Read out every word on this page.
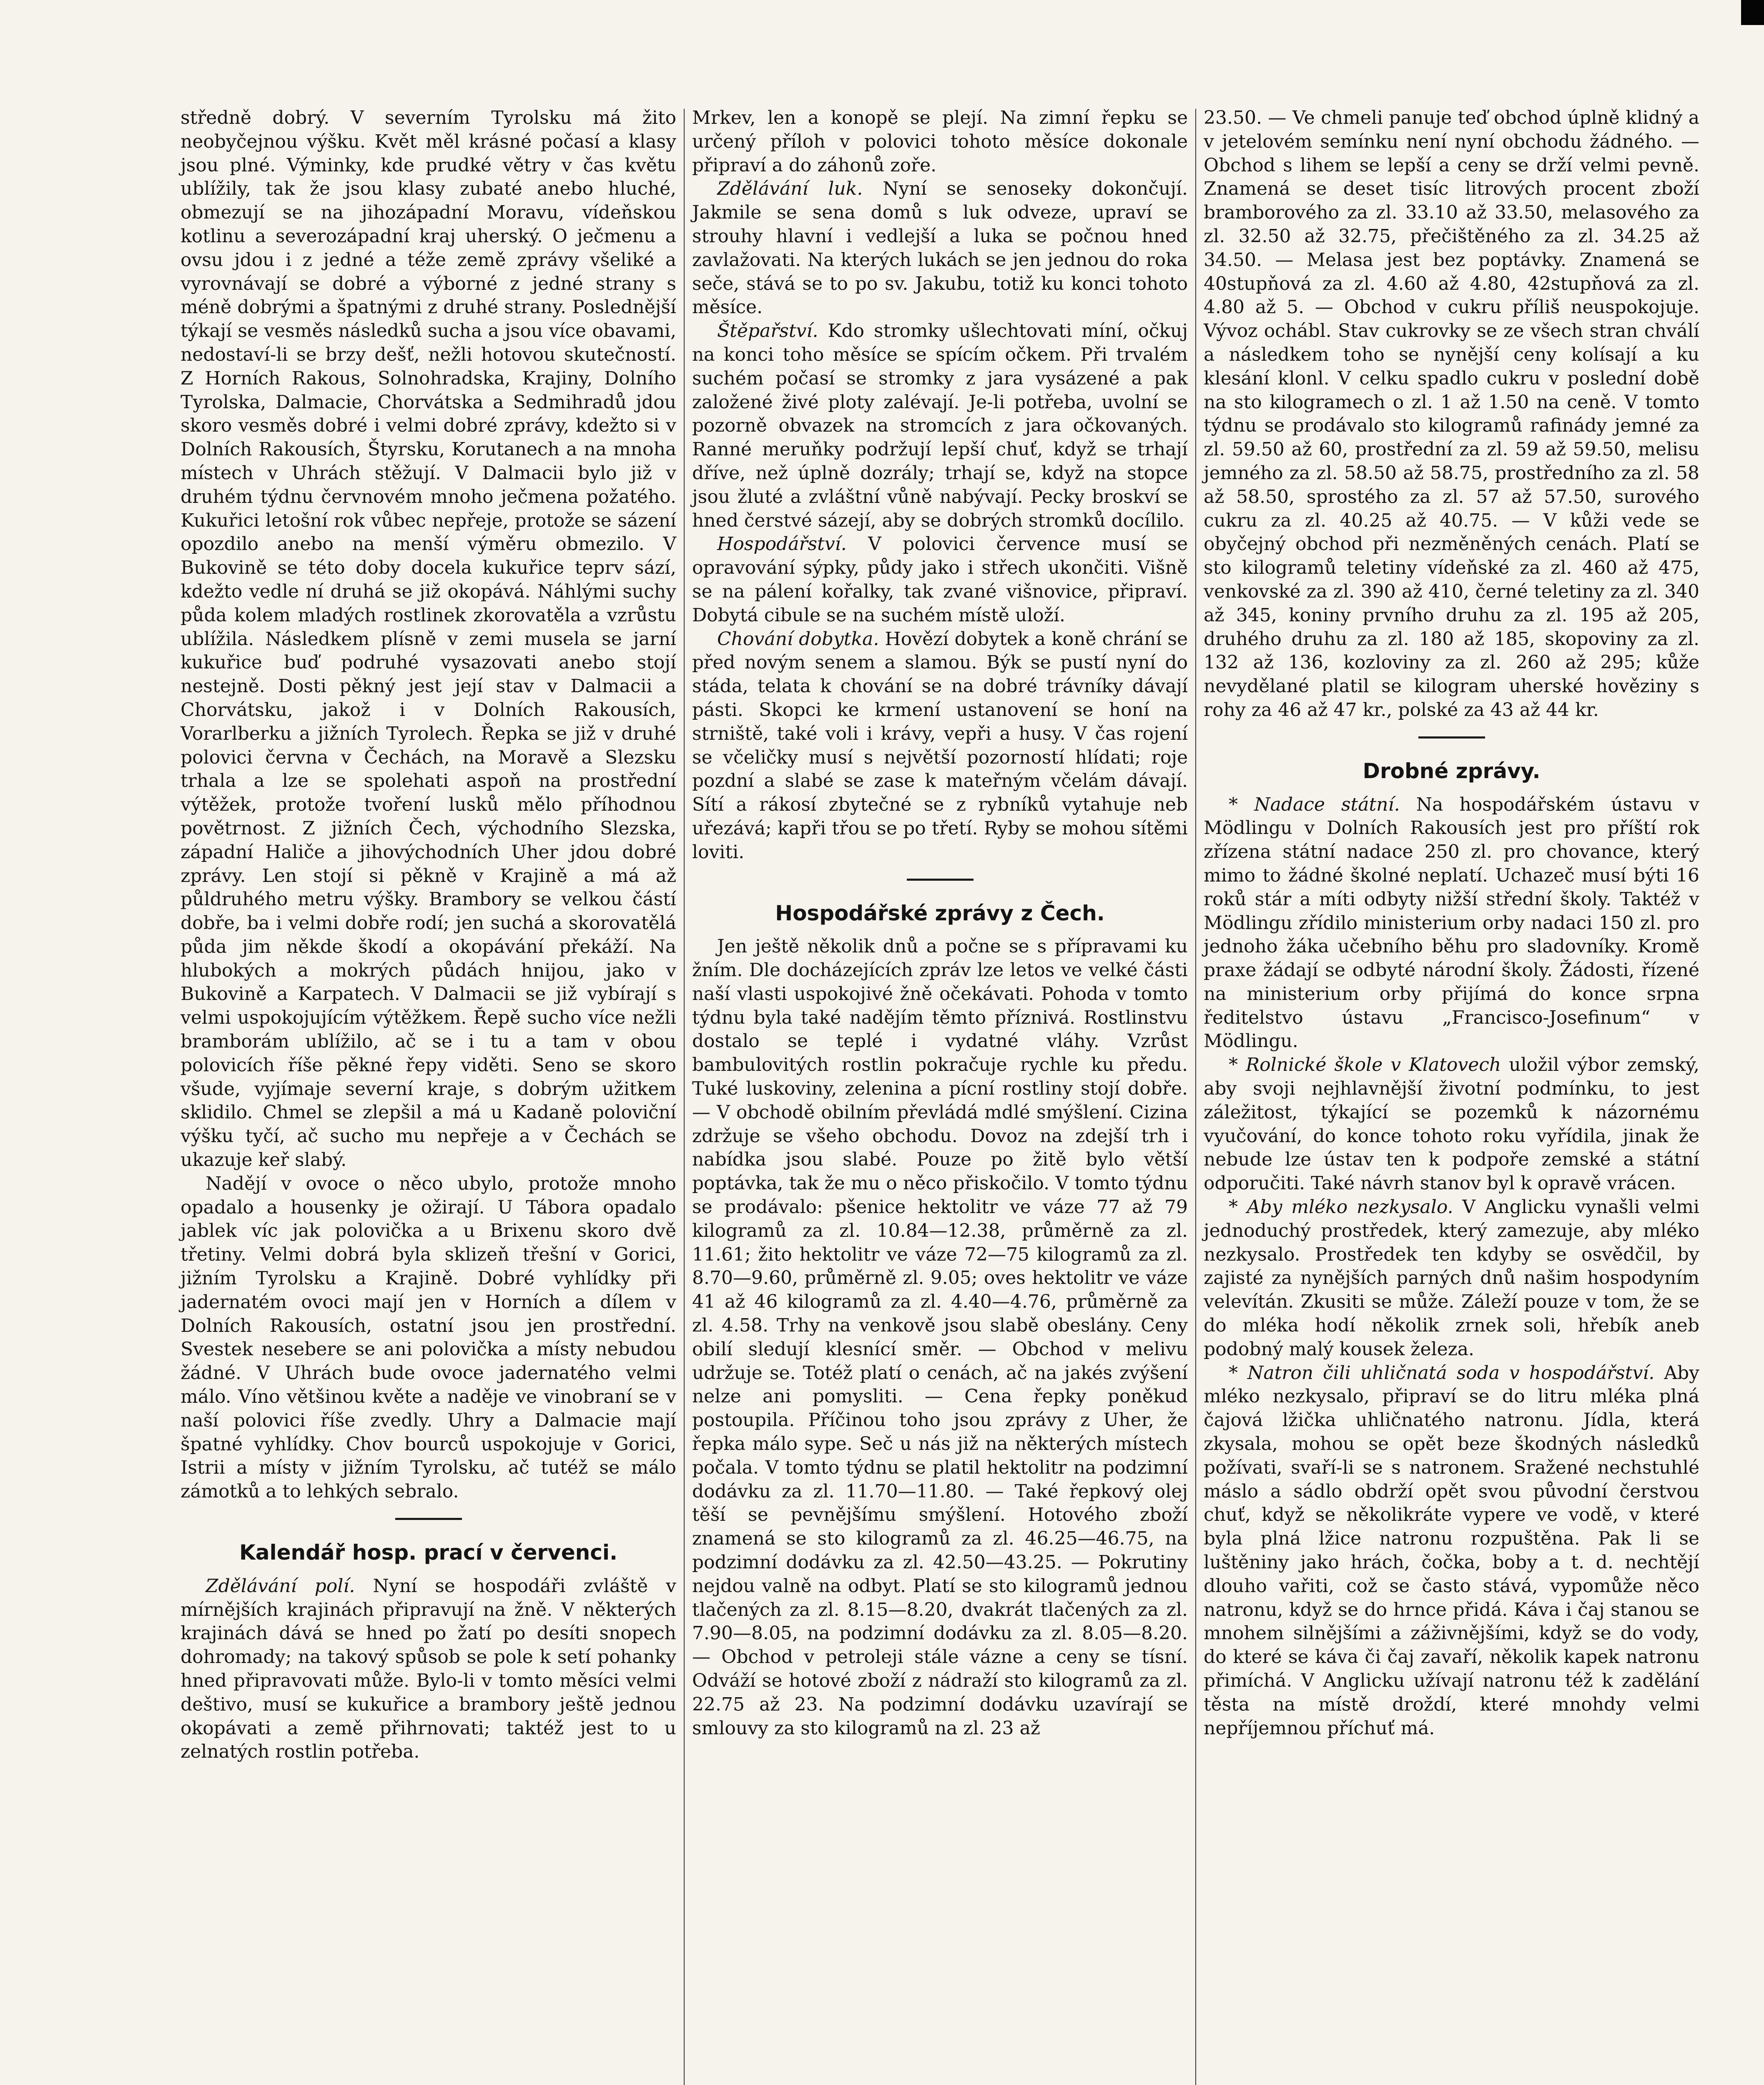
středně dobrý. V severním Tyrolsku má žito neobyčejnou výšku. Květ měl krásné počasí a klasy jsou plné. Výminky, kde prudké větry v čas květu ublížily, tak že jsou klasy zubaté anebo hluché, obmezují se na jihozápadní Moravu, vídeňskou kotlinu a severozápadní kraj uherský. O ječmenu a ovsu jdou i z jedné a téže země zprávy všeliké a vyrovnávají se dobré a výborné z jedné strany s méně dobrými a špatnými z druhé strany. Poslednější týkají se vesměs následků sucha a jsou více obavami, nedostaví-li se brzy dešť, nežli hotovou skutečností. Z Horních Rakous, Solnohradska, Krajiny, Dolního Tyrolska, Dalmacie, Chorvátska a Sedmihradů jdou skoro vesměs dobré i velmi dobré zprávy, kdežto si v Dolních Rakousích, Štyrsku, Korutanech a na mnoha místech v Uhrách stěžují. V Dalmacii bylo již v druhém týdnu červnovém mnoho ječmena požatého. Kukuřici letošní rok vůbec nepřeje, protože se sázení opozdilo anebo na menší výměru obmezilo. V Bukovině se této doby docela kukuřice teprv sází, kdežto vedle ní druhá se již okopává. Náhlými suchy půda kolem mladých rostlinek zkorovatěla a vzrůstu ublížila. Následkem plísně v zemi musela se jarní kukuřice buď podruhé vysazovati anebo stojí nestejně. Dosti pěkný jest její stav v Dalmacii a Chorvátsku, jakož i v Dolních Rakousích, Vorarlberku a jižních Tyrolech. Řepka se již v druhé polovici června v Čechách, na Moravě a Slezsku trhala a lze se spolehati aspoň na prostřední výtěžek, protože tvoření lusků mělo příhodnou povětrnost. Z jižních Čech, východního Slezska, západní Haliče a jihovýchodních Uher jdou dobré zprávy. Len stojí si pěkně v Krajině a má až půldruhého metru výšky. Brambory se velkou částí dobře, ba i velmi dobře rodí; jen suchá a skorovatělá půda jim někde škodí a okopávání překáží. Na hlubokých a mokrých půdách hnijou, jako v Bukovině a Karpatech. V Dalmacii se již vybírají s velmi uspokojujícím výtěžkem. Řepě sucho více nežli bramborám ublížilo, ač se i tu a tam v obou polovicích říše pěkné řepy viděti. Seno se skoro všude, vyjímaje severní kraje, s dobrým užitkem sklidilo. Chmel se zlepšil a má u Kadaně poloviční výšku tyčí, ač sucho mu nepřeje a v Čechách se ukazuje keř slabý.

Nadějí v ovoce o něco ubylo, protože mnoho opadalo a housenky je ožirají. U Tábora opadalo jablek víc jak polovička a u Brixenu skoro dvě třetiny. Velmi dobrá byla sklizeň třešní v Gorici, jižním Tyrolsku a Krajině. Dobré vyhlídky při jadernatém ovoci mají jen v Horních a dílem v Dolních Rakousích, ostatní jsou jen prostřední. Svestek nesebere se ani polovička a místy nebudou žádné. V Uhrách bude ovoce jadernatého velmi málo. Víno většinou květe a naděje ve vinobraní se v naší polovici říše zvedly. Uhry a Dalmacie mají špatné vyhlídky. Chov bourců uspokojuje v Gorici, Istrii a místy v jižním Tyrolsku, ač tutéž se málo zámotků a to lehkých sebralo.

Kalendář hosp. prací v červenci.

Zdělávání polí. Nyní se hospodáři zvláště v mírnějších krajinách připravují na žně. V některých krajinách dává se hned po žatí po desíti snopech dohromady; na takový spůsob se pole k setí pohanky hned připravovati může. Bylo-li v tomto měsíci velmi deštivo, musí se kukuřice a brambory ještě jednou okopávati a země přihrnovati; taktéž jest to u zelnatých rostlin potřeba.

Mrkev, len a konopě se plejí. Na zimní řepku se určený příloh v polovici tohoto měsíce dokonale připraví a do záhonů zoře.

Zdělávání luk. Nyní se senoseky dokončují. Jakmile se sena domů s luk odveze, upraví se strouhy hlavní i vedlejší a luka se počnou hned zavlažovati. Na kterých lukách se jen jednou do roka seče, stává se to po sv. Jakubu, totiž ku konci tohoto měsíce.

Štěpařství. Kdo stromky ušlechtovati míní, očkuj na konci toho měsíce se spícím očkem. Při trvalém suchém počasí se stromky z jara vysázené a pak založené živé ploty zalévají. Je-li potřeba, uvolní se pozorně obvazek na stromcích z jara očkovaných. Ranné meruňky podržují lepší chuť, když se trhají dříve, než úplně dozrály; trhají se, když na stopce jsou žluté a zvláštní vůně nabývají. Pecky broskví se hned čerstvé sázejí, aby se dobrých stromků docílilo.

Hospodářství. V polovici července musí se opravování sýpky, půdy jako i střech ukončiti. Višně se na pálení kořalky, tak zvané višnovice, připraví. Dobytá cibule se na suchém místě uloží.

Chování dobytka. Hovězí dobytek a koně chrání se před novým senem a slamou. Býk se pustí nyní do stáda, telata k chování se na dobré trávníky dávají pásti. Skopci ke krmení ustanovení se honí na strniště, také voli i krávy, vepři a husy. V čas rojení se včeličky musí s největší pozorností hlídati; roje pozdní a slabé se zase k mateřným včelám dávají. Sítí a rákosí zbytečné se z rybníků vytahuje neb uřezává; kapři třou se po třetí. Ryby se mohou sítěmi loviti.

Hospodářské zprávy z Čech.

Jen ještě několik dnů a počne se s přípravami ku žním. Dle docházejících zpráv lze letos ve velké části naší vlasti uspokojivé žně očekávati. Pohoda v tomto týdnu byla také nadějím těmto příznivá. Rostlinstvu dostalo se teplé i vydatné vláhy. Vzrůst bambulovitých rostlin pokračuje rychle ku předu. Tuké luskoviny, zelenina a pícní rostliny stojí dobře. — V obchodě obilním převládá mdlé smýšlení. Cizina zdržuje se všeho obchodu. Dovoz na zdejší trh i nabídka jsou slabé. Pouze po žitě bylo větší poptávka, tak že mu o něco přiskočilo. V tomto týdnu se prodávalo: pšenice hektolitr ve váze 77 až 79 kilogramů za zl. 10.84—12.38, průměrně za zl. 11.61; žito hektolitr ve váze 72—75 kilogramů za zl. 8.70—9.60, průměrně zl. 9.05; oves hektolitr ve váze 41 až 46 kilogramů za zl. 4.40—4.76, průměrně za zl. 4.58. Trhy na venkově jsou slabě obeslány. Ceny obilí sledují klesnící směr. — Obchod v melivu udržuje se. Totéž platí o cenách, ač na jakés zvýšení nelze ani pomysliti. — Cena řepky poněkud postoupila. Příčinou toho jsou zprávy z Uher, že řepka málo sype. Seč u nás již na některých místech počala. V tomto týdnu se platil hektolitr na podzimní dodávku za zl. 11.70—11.80. — Také řepkový olej těší se pevnějšímu smýšlení. Hotového zboží znamená se sto kilogramů za zl. 46.25—46.75, na podzimní dodávku za zl. 42.50—43.25. — Pokrutiny nejdou valně na odbyt. Platí se sto kilogramů jednou tlačených za zl. 8.15—8.20, dvakrát tlačených za zl. 7.90—8.05, na podzimní dodávku za zl. 8.05—8.20. — Obchod v petroleji stále vázne a ceny se tísní. Odváží se hotové zboží z nádraží sto kilogramů za zl. 22.75 až 23. Na podzimní dodávku uzavírají se smlouvy za sto kilogramů na zl. 23 až

23.50. — Ve chmeli panuje teď obchod úplně klidný a v jetelovém semínku není nyní obchodu žádného. — Obchod s lihem se lepší a ceny se drží velmi pevně. Znamená se deset tisíc litrových procent zboží bramborového za zl. 33.10 až 33.50, melasového za zl. 32.50 až 32.75, přečištěného za zl. 34.25 až 34.50. — Melasa jest bez poptávky. Znamená se 40stupňová za zl. 4.60 až 4.80, 42stupňová za zl. 4.80 až 5. — Obchod v cukru příliš neuspokojuje. Vývoz ochábl. Stav cukrovky se ze všech stran chválí a následkem toho se nynější ceny kolísají a ku klesání klonl. V celku spadlo cukru v poslední době na sto kilogramech o zl. 1 až 1.50 na ceně. V tomto týdnu se prodávalo sto kilogramů rafinády jemné za zl. 59.50 až 60, prostřední za zl. 59 až 59.50, melisu jemného za zl. 58.50 až 58.75, prostředního za zl. 58 až 58.50, sprostého za zl. 57 až 57.50, surového cukru za zl. 40.25 až 40.75. — V kůži vede se obyčejný obchod při nezměněných cenách. Platí se sto kilogramů teletiny vídeňské za zl. 460 až 475, venkovské za zl. 390 až 410, černé teletiny za zl. 340 až 345, koniny prvního druhu za zl. 195 až 205, druhého druhu za zl. 180 až 185, skopoviny za zl. 132 až 136, kozloviny za zl. 260 až 295; kůže nevydělané platil se kilogram uherské hověziny s rohy za 46 až 47 kr., polské za 43 až 44 kr.

Drobné zprávy.

* Nadace státní. Na hospodářském ústavu v Mödlingu v Dolních Rakousích jest pro příští rok zřízena státní nadace 250 zl. pro chovance, který mimo to žádné školné neplatí. Uchazeč musí býti 16 roků stár a míti odbyty nižší střední školy. Taktéž v Mödlingu zřídilo ministerium orby nadaci 150 zl. pro jednoho žáka učebního běhu pro sladovníky. Kromě praxe žádají se odbyté národní školy. Žádosti, řízené na ministerium orby přijímá do konce srpna ředitelstvo ústavu „Francisco-Josefinum“ v Mödlingu.

* Rolnické škole v Klatovech uložil výbor zemský, aby svoji nejhlavnější životní podmínku, to jest záležitost, týkající se pozemků k názornému vyučování, do konce tohoto roku vyřídila, jinak že nebude lze ústav ten k podpoře zemské a státní odporučiti. Také návrh stanov byl k opravě vrácen.

* Aby mléko nezkysalo. V Anglicku vynašli velmi jednoduchý prostředek, který zamezuje, aby mléko nezkysalo. Prostředek ten kdyby se osvědčil, by zajisté za nynějších parných dnů našim hospodyním velevítán. Zkusiti se může. Záleží pouze v tom, že se do mléka hodí několik zrnek soli, hřebík aneb podobný malý kousek železa.

* Natron čili uhličnatá soda v hospodářství. Aby mléko nezkysalo, připraví se do litru mléka plná čajová lžička uhličnatého natronu. Jídla, která zkysala, mohou se opět beze škodných následků požívati, svaří-li se s natronem. Sražené nechstuhlé máslo a sádlo obdrží opět svou původní čerstvou chuť, když se několikráte vypere ve vodě, v které byla plná lžice natronu rozpuštěna. Pak li se luštěniny jako hrách, čočka, boby a t. d. nechtějí dlouho vařiti, což se často stává, vypomůže něco natronu, když se do hrnce přidá. Káva i čaj stanou se mnohem silnějšími a záživnějšími, když se do vody, do které se káva či čaj zavaří, několik kapek natronu přimíchá. V Anglicku užívají natronu též k zadělání těsta na místě droždí, které mnohdy velmi nepříjemnou příchuť má.
